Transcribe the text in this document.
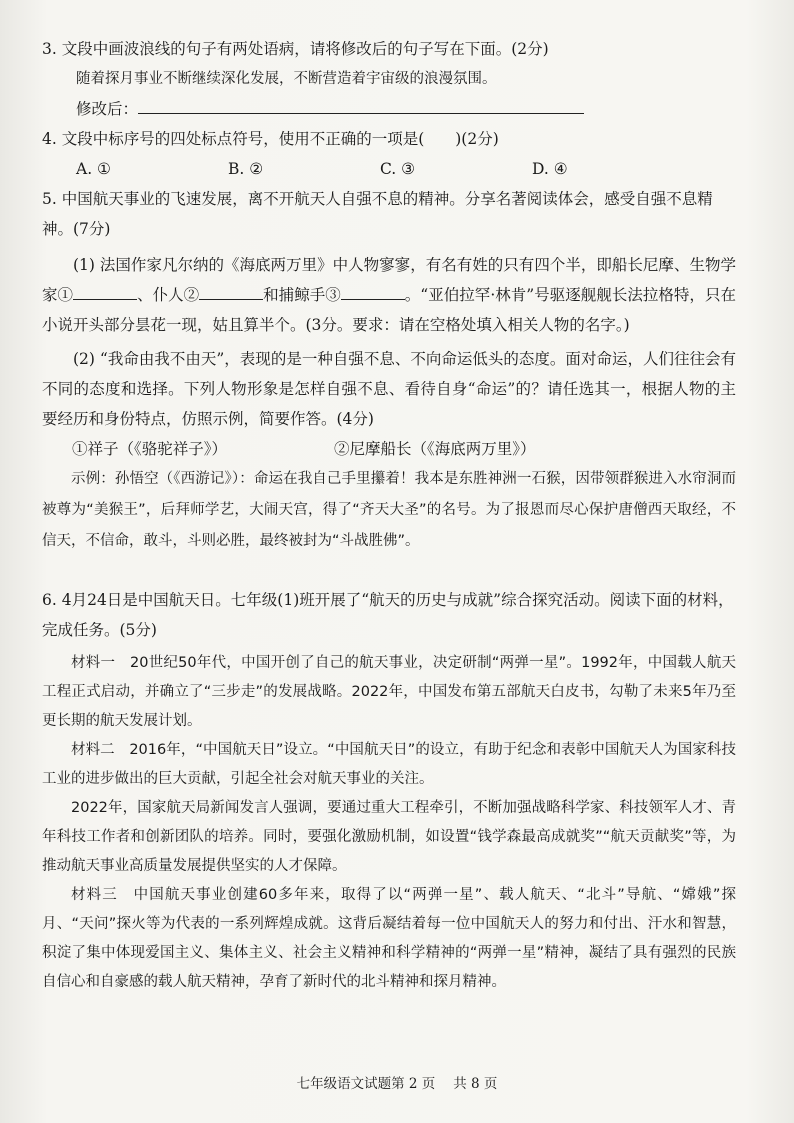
3. 文段中画波浪线的句子有两处语病，请将修改后的句子写在下面。(2分)
随着探月事业不断继续深化发展，不断营造着宇宙级的浪漫氛围。
修改后：
4. 文段中标序号的四处标点符号，使用不正确的一项是(　　)(2分)
A. ①	B. ②	C. ③	D. ④
5. 中国航天事业的飞速发展，离不开航天人自强不息的精神。分享名著阅读体会，感受自强不息精神。(7分)
(1) 法国作家凡尔纳的《海底两万里》中人物寥寥，有名有姓的只有四个半，即船长尼摩、生物学家①	、仆人②	和捕鲸手③	。“亚伯拉罕·林肯”号驱逐舰舰长法拉格特，只在小说开头部分昙花一现，姑且算半个。(3分。要求：请在空格处填入相关人物的名字。)
(2) “我命由我不由天”，表现的是一种自强不息、不向命运低头的态度。面对命运，人们往往会有不同的态度和选择。下列人物形象是怎样自强不息、看待自身“命运”的？请任选其一，根据人物的主要经历和身份特点，仿照示例，简要作答。(4分)
①祥子（《骆驼祥子》）	②尼摩船长（《海底两万里》）
示例：孙悟空（《西游记》）：命运在我自己手里攥着！我本是东胜神洲一石猴，因带领群猴进入水帘洞而被尊为“美猴王”，后拜师学艺，大闹天宫，得了“齐天大圣”的名号。为了报恩而尽心保护唐僧西天取经，不信天，不信命，敢斗，斗则必胜，最终被封为“斗战胜佛”。
6. 4月24日是中国航天日。七年级(1)班开展了“航天的历史与成就”综合探究活动。阅读下面的材料，完成任务。(5分)
材料一　20世纪50年代，中国开创了自己的航天事业，决定研制“两弹一星”。1992年，中国载人航天工程正式启动，并确立了“三步走”的发展战略。2022年，中国发布第五部航天白皮书，勾勒了未来5年乃至更长期的航天发展计划。
材料二　2016年，“中国航天日”设立。“中国航天日”的设立，有助于纪念和表彰中国航天人为国家科技工业的进步做出的巨大贡献，引起全社会对航天事业的关注。
2022年，国家航天局新闻发言人强调，要通过重大工程牵引，不断加强战略科学家、科技领军人才、青年科技工作者和创新团队的培养。同时，要强化激励机制，如设置“钱学森最高成就奖”“航天贡献奖”等，为推动航天事业高质量发展提供坚实的人才保障。
材料三　中国航天事业创建60多年来，取得了以“两弹一星”、载人航天、“北斗”导航、“嫦娥”探月、“天问”探火等为代表的一系列辉煌成就。这背后凝结着每一位中国航天人的努力和付出、汗水和智慧，积淀了集中体现爱国主义、集体主义、社会主义精神和科学精神的“两弹一星”精神，凝结了具有强烈的民族自信心和自豪感的载人航天精神，孕育了新时代的北斗精神和探月精神。
七年级语文试题第 2 页 共 8 页
